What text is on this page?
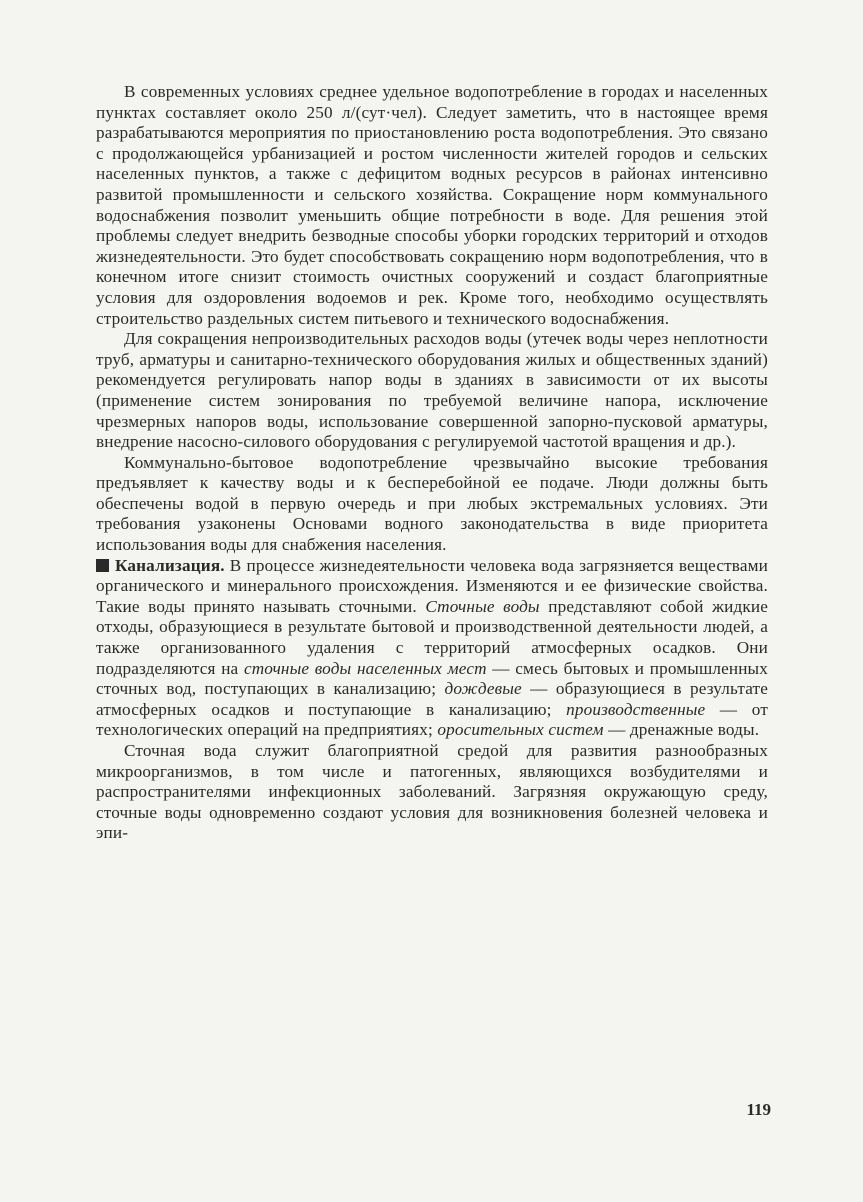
В современных условиях среднее удельное водопотребление в городах и населенных пунктах составляет около 250 л/(сут·чел). Следует заметить, что в настоящее время разрабатываются мероприятия по приостановлению роста водопотребления. Это связано с продолжающейся урбанизацией и ростом численности жителей городов и сельских населенных пунктов, а также с дефицитом водных ресурсов в районах интенсивно развитой промышленности и сельского хозяйства. Сокращение норм коммунального водоснабжения позволит уменьшить общие потребности в воде. Для решения этой проблемы следует внедрить безводные способы уборки городских территорий и отходов жизнедеятельности. Это будет способствовать сокращению норм водопотребления, что в конечном итоге снизит стоимость очистных сооружений и создаст благоприятные условия для оздоровления водоемов и рек. Кроме того, необходимо осуществлять строительство раздельных систем питьевого и технического водоснабжения.

Для сокращения непроизводительных расходов воды (утечек воды через неплотности труб, арматуры и санитарно-технического оборудования жилых и общественных зданий) рекомендуется регулировать напор воды в зданиях в зависимости от их высоты (применение систем зонирования по требуемой величине напора, исключение чрезмерных напоров воды, использование совершенной запорно-пусковой арматуры, внедрение насосно-силового оборудования с регулируемой частотой вращения и др.).

Коммунально-бытовое водопотребление чрезвычайно высокие требования предъявляет к качеству воды и к бесперебойной ее подаче. Люди должны быть обеспечены водой в первую очередь и при любых экстремальных условиях. Эти требования узаконены Основами водного законодательства в виде приоритета использования воды для снабжения населения.

Канализация. В процессе жизнедеятельности человека вода загрязняется веществами органического и минерального происхождения. Изменяются и ее физические свойства. Такие воды принято называть сточными. Сточные воды представляют собой жидкие отходы, образующиеся в результате бытовой и производственной деятельности людей, а также организованного удаления с территорий атмосферных осадков. Они подразделяются на сточные воды населенных мест — смесь бытовых и промышленных сточных вод, поступающих в канализацию; дождевые — образующиеся в результате атмосферных осадков и поступающие в канализацию; производственные — от технологических операций на предприятиях; оросительных систем — дренажные воды.

Сточная вода служит благоприятной средой для развития разнообразных микроорганизмов, в том числе и патогенных, являющихся возбудителями и распространителями инфекционных заболеваний. Загрязняя окружающую среду, сточные воды одновременно создают условия для возникновения болезней человека и эпи-

119
